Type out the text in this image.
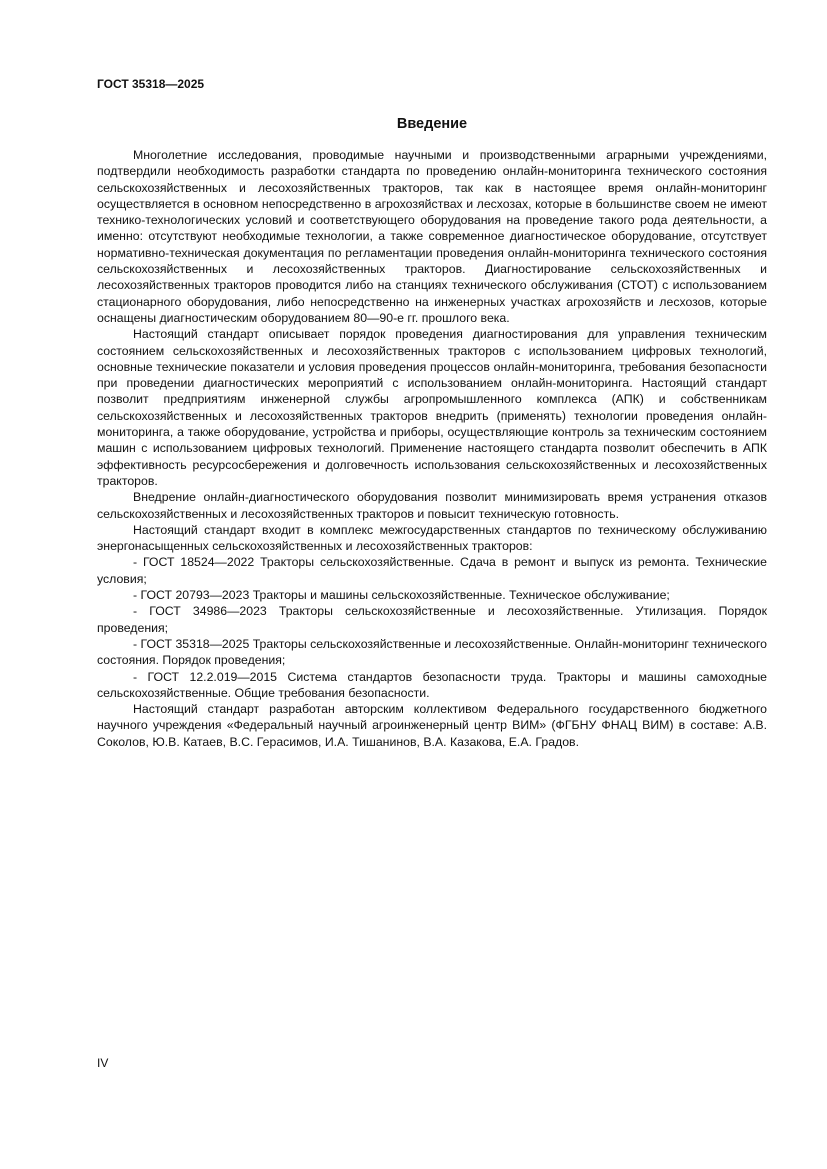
ГОСТ 35318—2025

Введение

Многолетние исследования, проводимые научными и производственными аграрными учреждениями, подтвердили необходимость разработки стандарта по проведению онлайн-мониторинга технического состояния сельскохозяйственных и лесохозяйственных тракторов, так как в настоящее время онлайн-мониторинг осуществляется в основном непосредственно в агрохозяйствах и лесхозах, которые в большинстве своем не имеют технико-технологических условий и соответствующего оборудования на проведение такого рода деятельности, а именно: отсутствуют необходимые технологии, а также современное диагностическое оборудование, отсутствует нормативно-техническая документация по регламентации проведения онлайн-мониторинга технического состояния сельскохозяйственных и лесохозяйственных тракторов. Диагностирование сельскохозяйственных и лесохозяйственных тракторов проводится либо на станциях технического обслуживания (СТОТ) с использованием стационарного оборудования, либо непосредственно на инженерных участках агрохозяйств и лесхозов, которые оснащены диагностическим оборудованием 80—90-е гг. прошлого века.

Настоящий стандарт описывает порядок проведения диагностирования для управления техническим состоянием сельскохозяйственных и лесохозяйственных тракторов с использованием цифровых технологий, основные технические показатели и условия проведения процессов онлайн-мониторинга, требования безопасности при проведении диагностических мероприятий с использованием онлайн-мониторинга. Настоящий стандарт позволит предприятиям инженерной службы агропромышленного комплекса (АПК) и собственникам сельскохозяйственных и лесохозяйственных тракторов внедрить (применять) технологии проведения онлайн-мониторинга, а также оборудование, устройства и приборы, осуществляющие контроль за техническим состоянием машин с использованием цифровых технологий. Применение настоящего стандарта позволит обеспечить в АПК эффективность ресурсосбережения и долговечность использования сельскохозяйственных и лесохозяйственных тракторов.

Внедрение онлайн-диагностического оборудования позволит минимизировать время устранения отказов сельскохозяйственных и лесохозяйственных тракторов и повысит техническую готовность.

Настоящий стандарт входит в комплекс межгосударственных стандартов по техническому обслуживанию энергонасыщенных сельскохозяйственных и лесохозяйственных тракторов:

- ГОСТ 18524—2022 Тракторы сельскохозяйственные. Сдача в ремонт и выпуск из ремонта. Технические условия;

- ГОСТ 20793—2023 Тракторы и машины сельскохозяйственные. Техническое обслуживание;

- ГОСТ 34986—2023 Тракторы сельскохозяйственные и лесохозяйственные. Утилизация. Порядок проведения;

- ГОСТ 35318—2025 Тракторы сельскохозяйственные и лесохозяйственные. Онлайн-мониторинг технического состояния. Порядок проведения;

- ГОСТ 12.2.019—2015 Система стандартов безопасности труда. Тракторы и машины самоходные сельскохозяйственные. Общие требования безопасности.

Настоящий стандарт разработан авторским коллективом Федерального государственного бюджетного научного учреждения «Федеральный научный агроинженерный центр ВИМ» (ФГБНУ ФНАЦ ВИМ) в составе: А.В. Соколов, Ю.В. Катаев, В.С. Герасимов, И.А. Тишанинов, В.А. Казакова, Е.А. Градов.

IV
